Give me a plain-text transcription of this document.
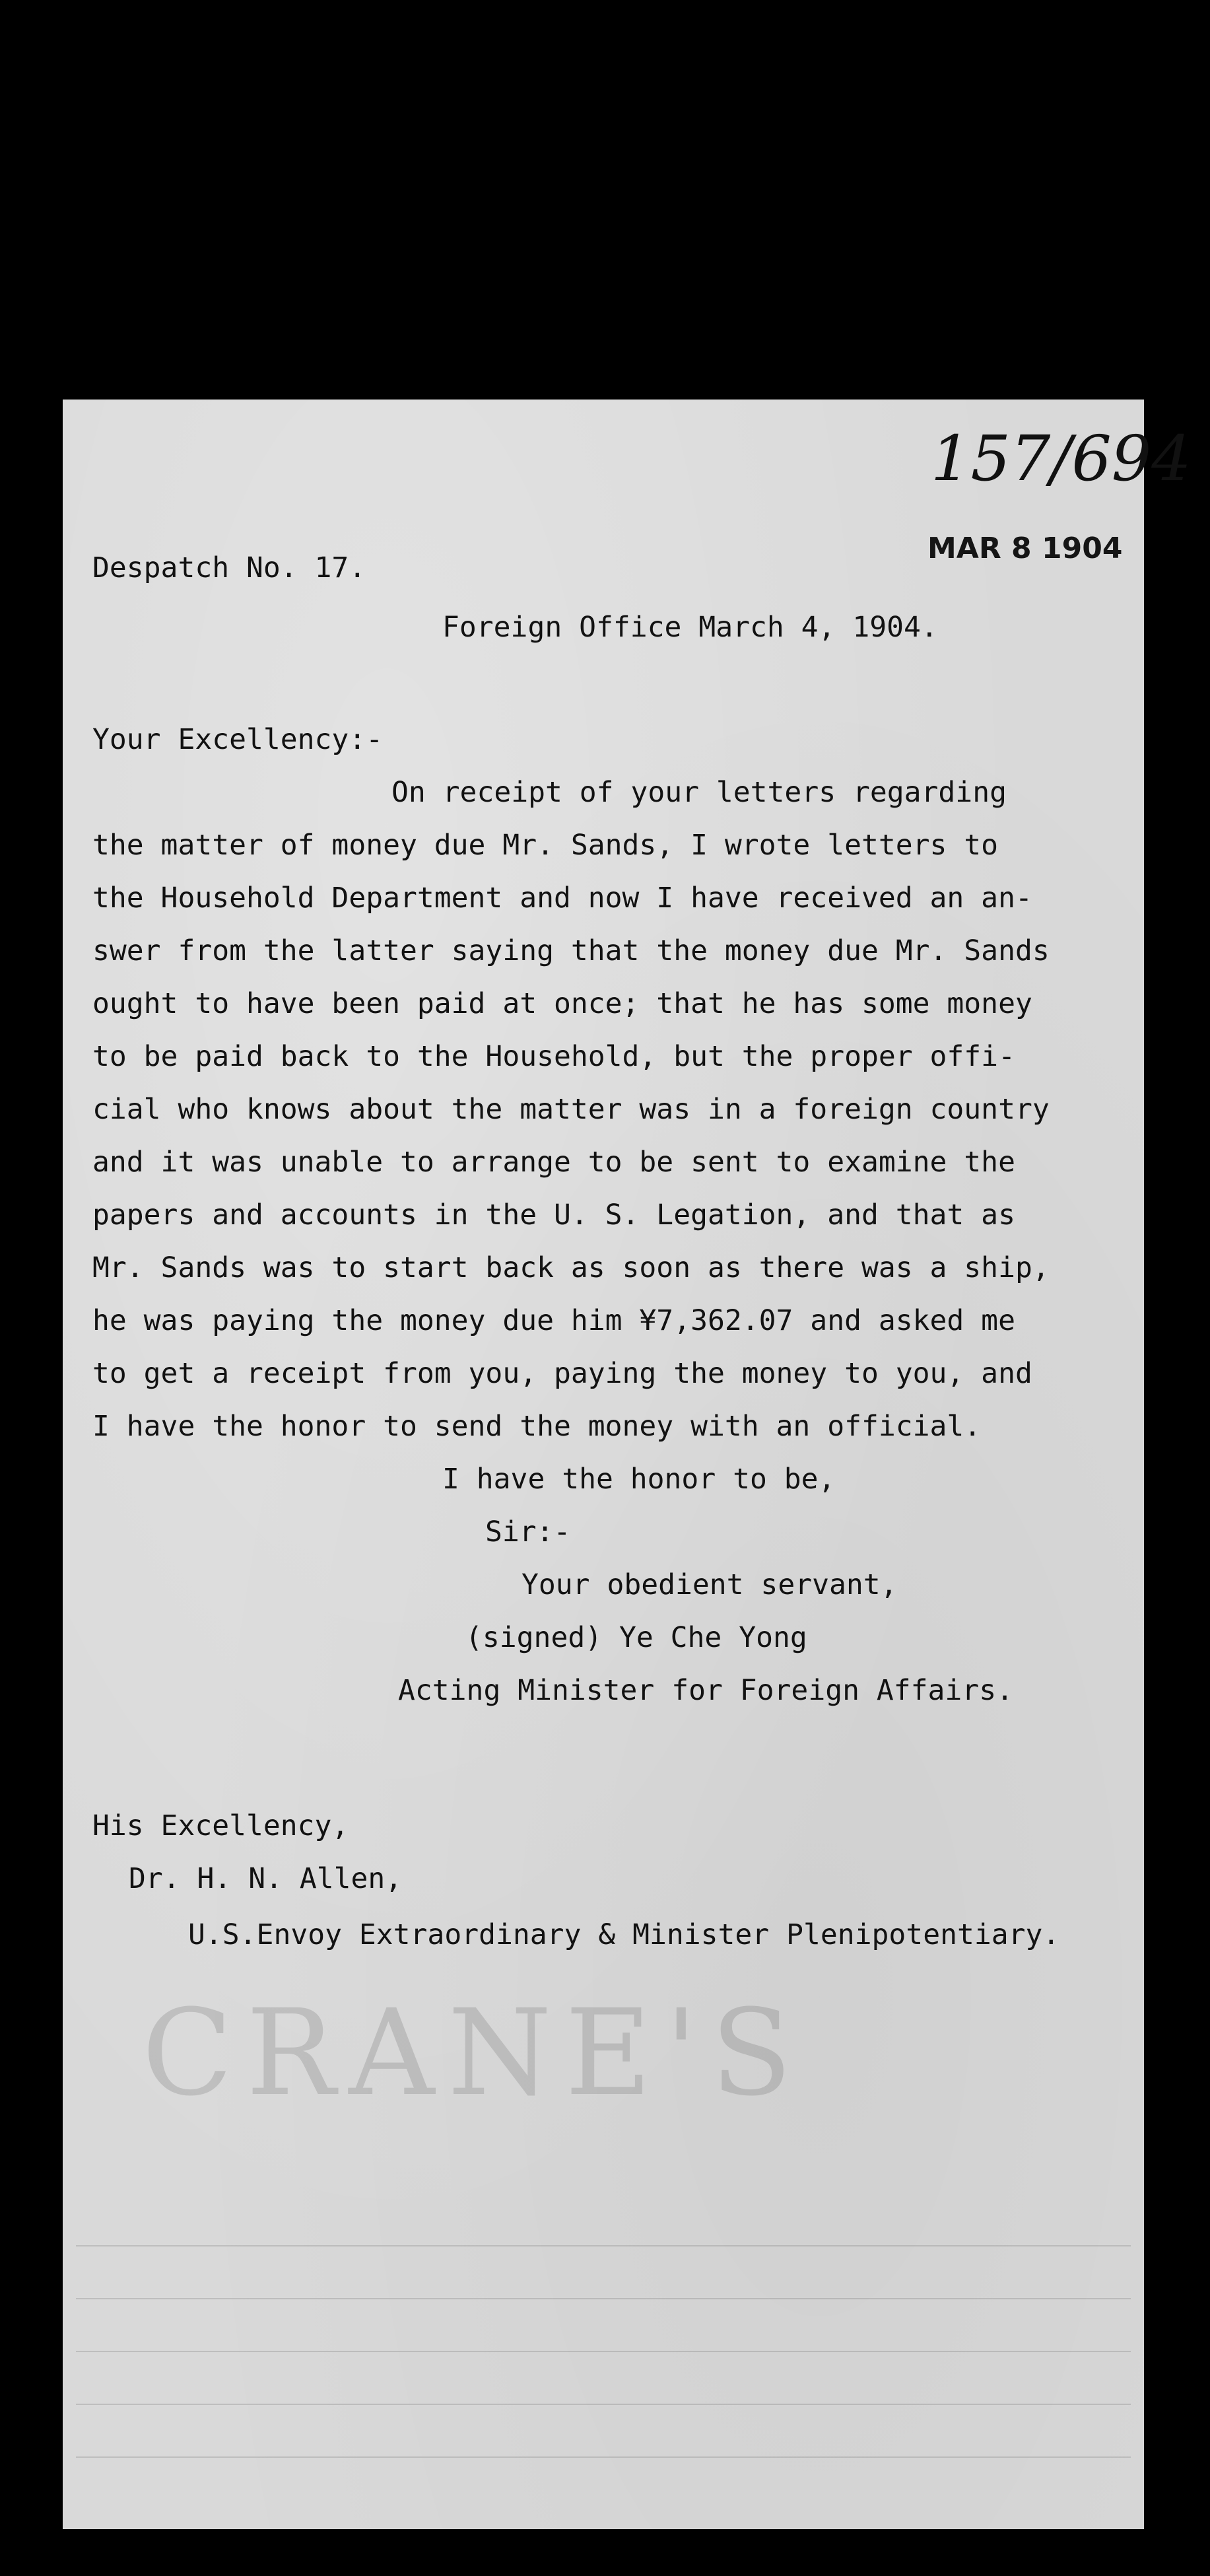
CRANE'S
157/694
MAR 8 1904
Despatch No. 17.
Foreign Office March 4, 1904.
Your Excellency:-
On receipt of your letters regarding
the matter of money due Mr. Sands, I wrote letters to
the Household Department and now I have received an an-
swer from the latter saying that the money due Mr. Sands
ought to have been paid at once; that he has some money
to be paid back to the Household, but the proper offi-
cial who knows about the matter was in a foreign country
and it was unable to arrange to be sent to examine the
papers and accounts in the U. S. Legation, and that as
Mr. Sands was to start back as soon as there was a ship,
he was paying the money due him ¥7,362.07 and asked me
to get a receipt from you, paying the money to you, and
I have the honor to send the money with an official.
I have the honor to be,
Sir:-
Your obedient servant,
(signed) Ye Che Yong
Acting Minister for Foreign Affairs.
His Excellency,
Dr. H. N. Allen,
U.S.Envoy Extraordinary & Minister Plenipotentiary.
